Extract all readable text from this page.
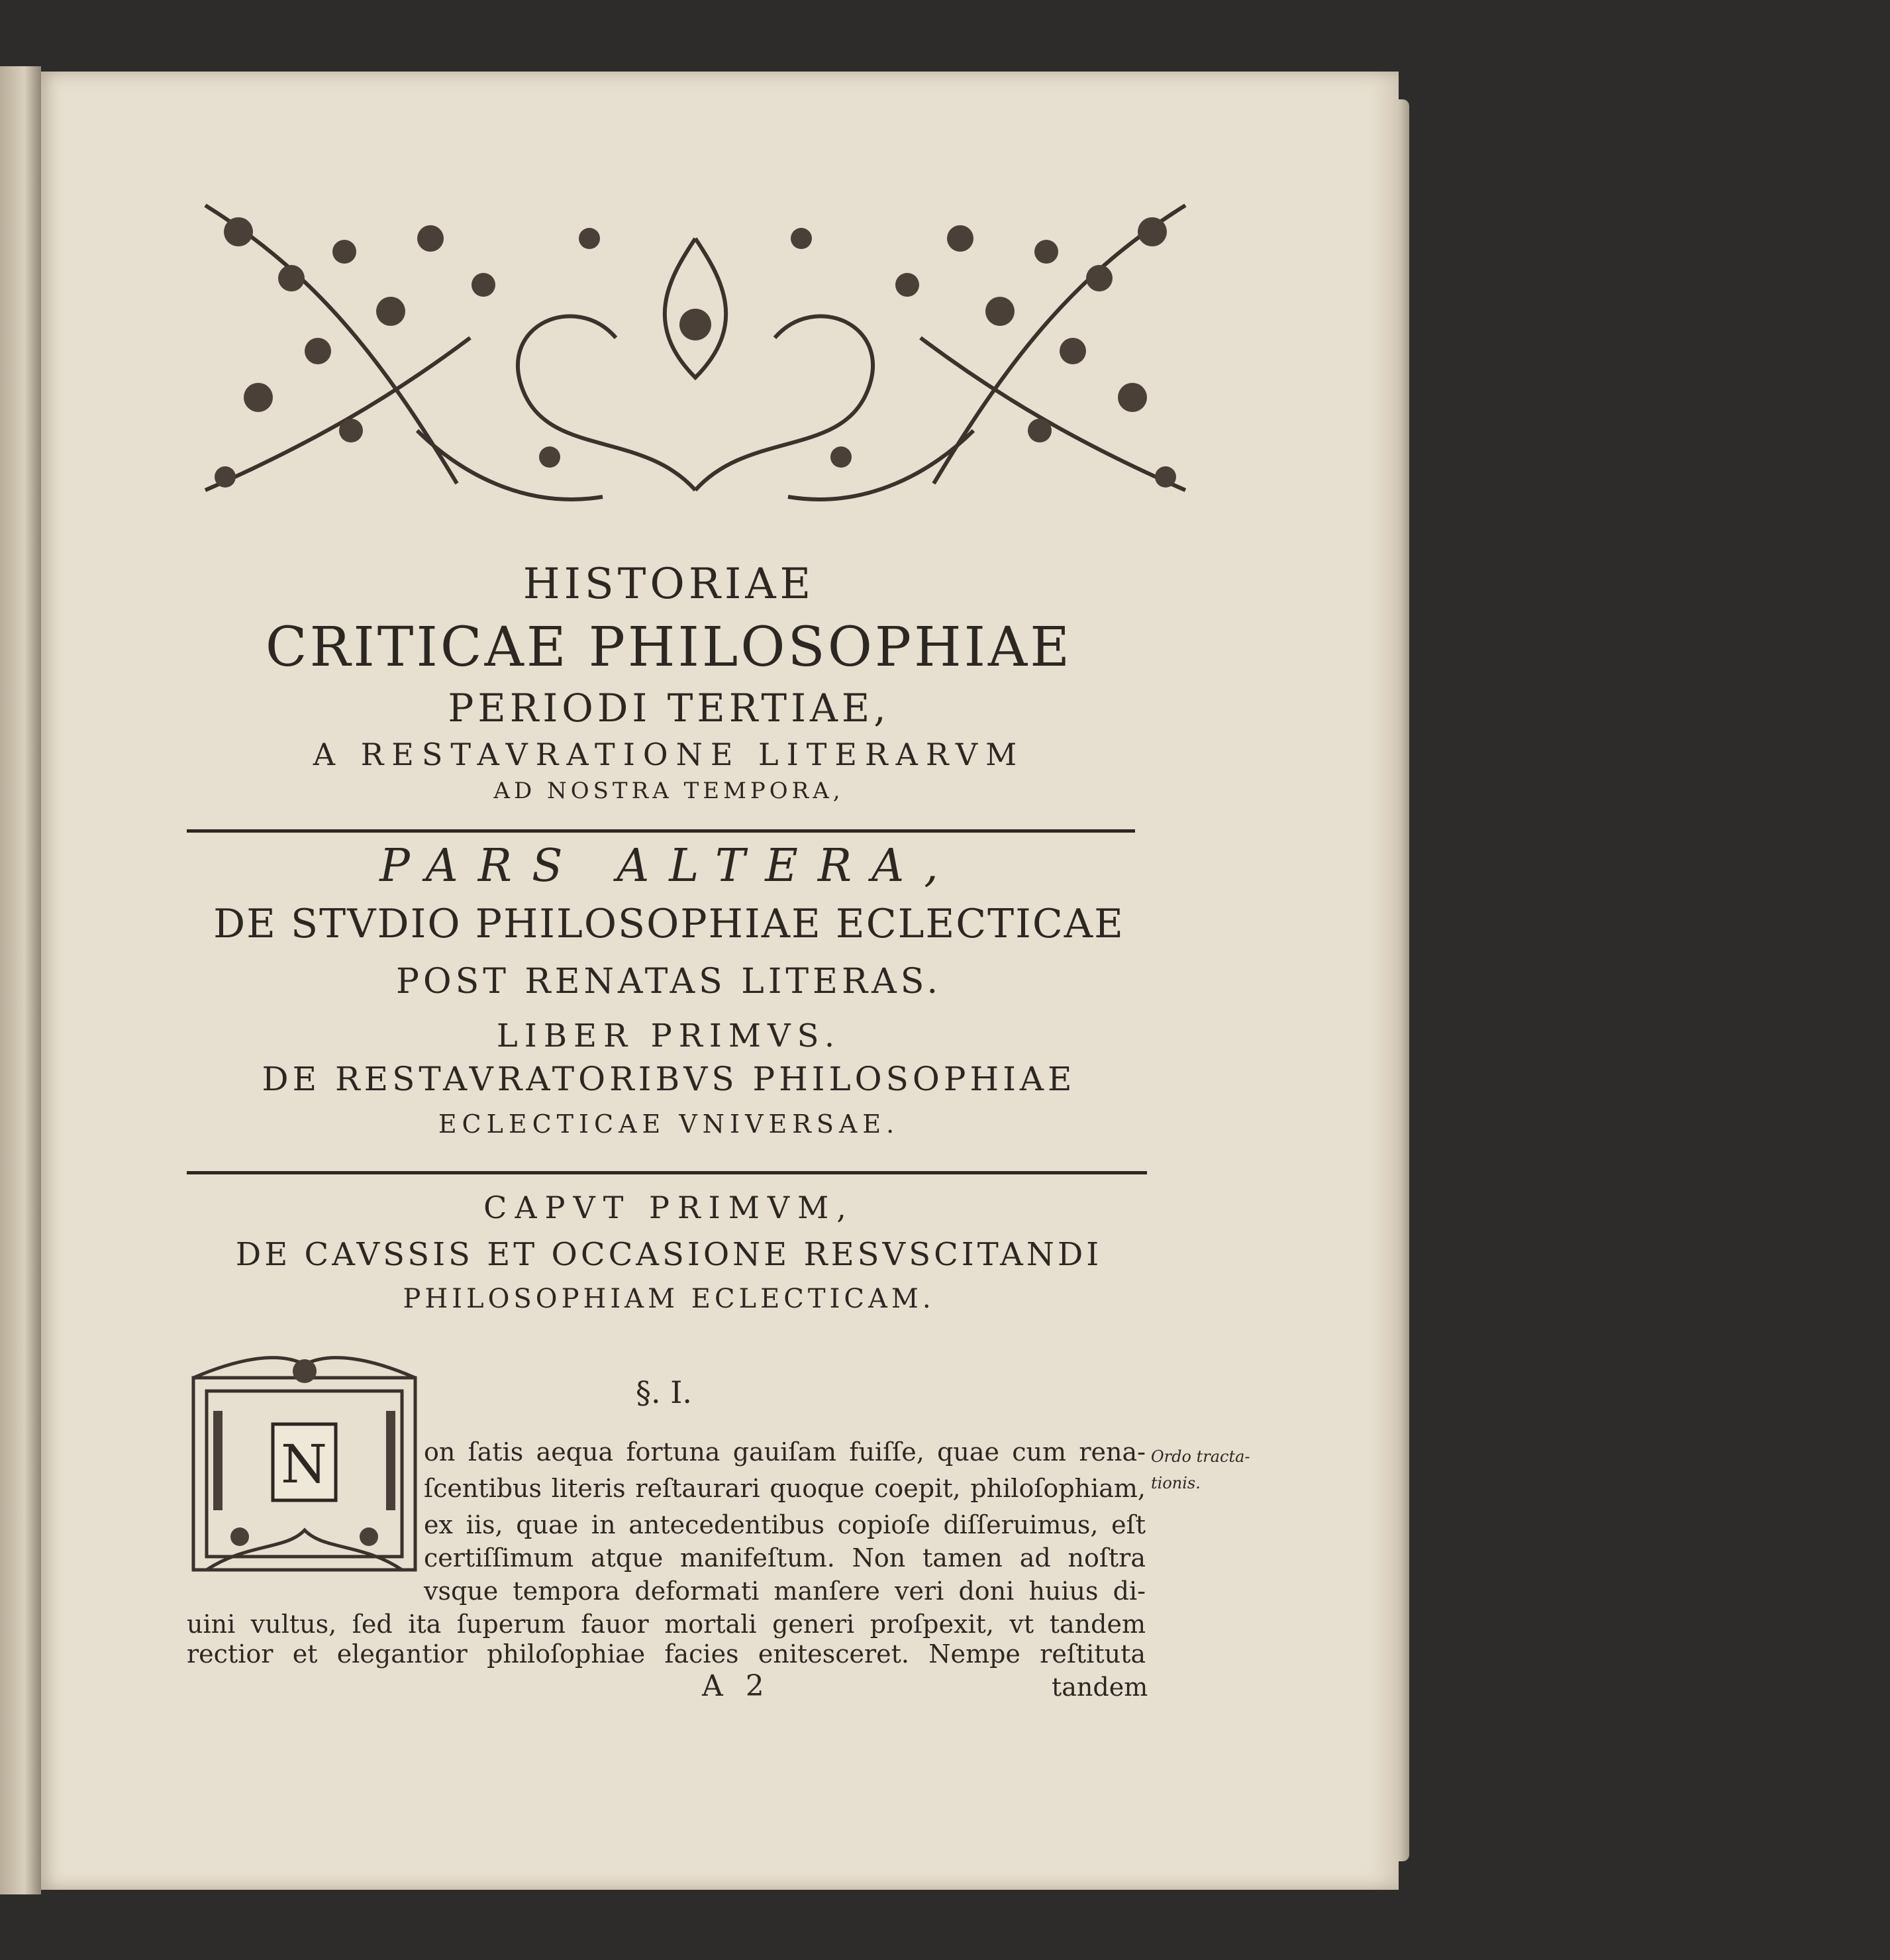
HISTORIAE
CRITICAE PHILOSOPHIAE
PERIODI TERTIAE,
A RESTAVRATIONE LITERARVM
AD NOSTRA TEMPORA,
PARS ALTERA,
DE STVDIO PHILOSOPHIAE ECLECTICAE
POST RENATAS LITERAS.
LIBER PRIMVS.
DE RESTAVRATORIBVS PHILOSOPHIAE
ECLECTICAE VNIVERSAE.
CAPVT PRIMVM,
DE CAVSSIS ET OCCASIONE RESVSCITANDI
PHILOSOPHIAM ECLECTICAM.
N
§. I.
on ſatis aequa fortuna gauiſam fuiſſe, quae cum rena-
ſcentibus literis reſtaurari quoque coepit, philoſophiam,
ex iis, quae in antecedentibus copioſe diſſeruimus, eſt
certiſſimum atque manifeſtum. Non tamen ad noſtra
vsque tempora deformati manſere veri doni huius di-
uini vultus, ſed ita ſuperum fauor mortali generi proſpexit, vt tandem
rectior et elegantior philoſophiae facies enitesceret. Nempe reſtituta
Ordo tracta-
tionis.
A 2	tandem
